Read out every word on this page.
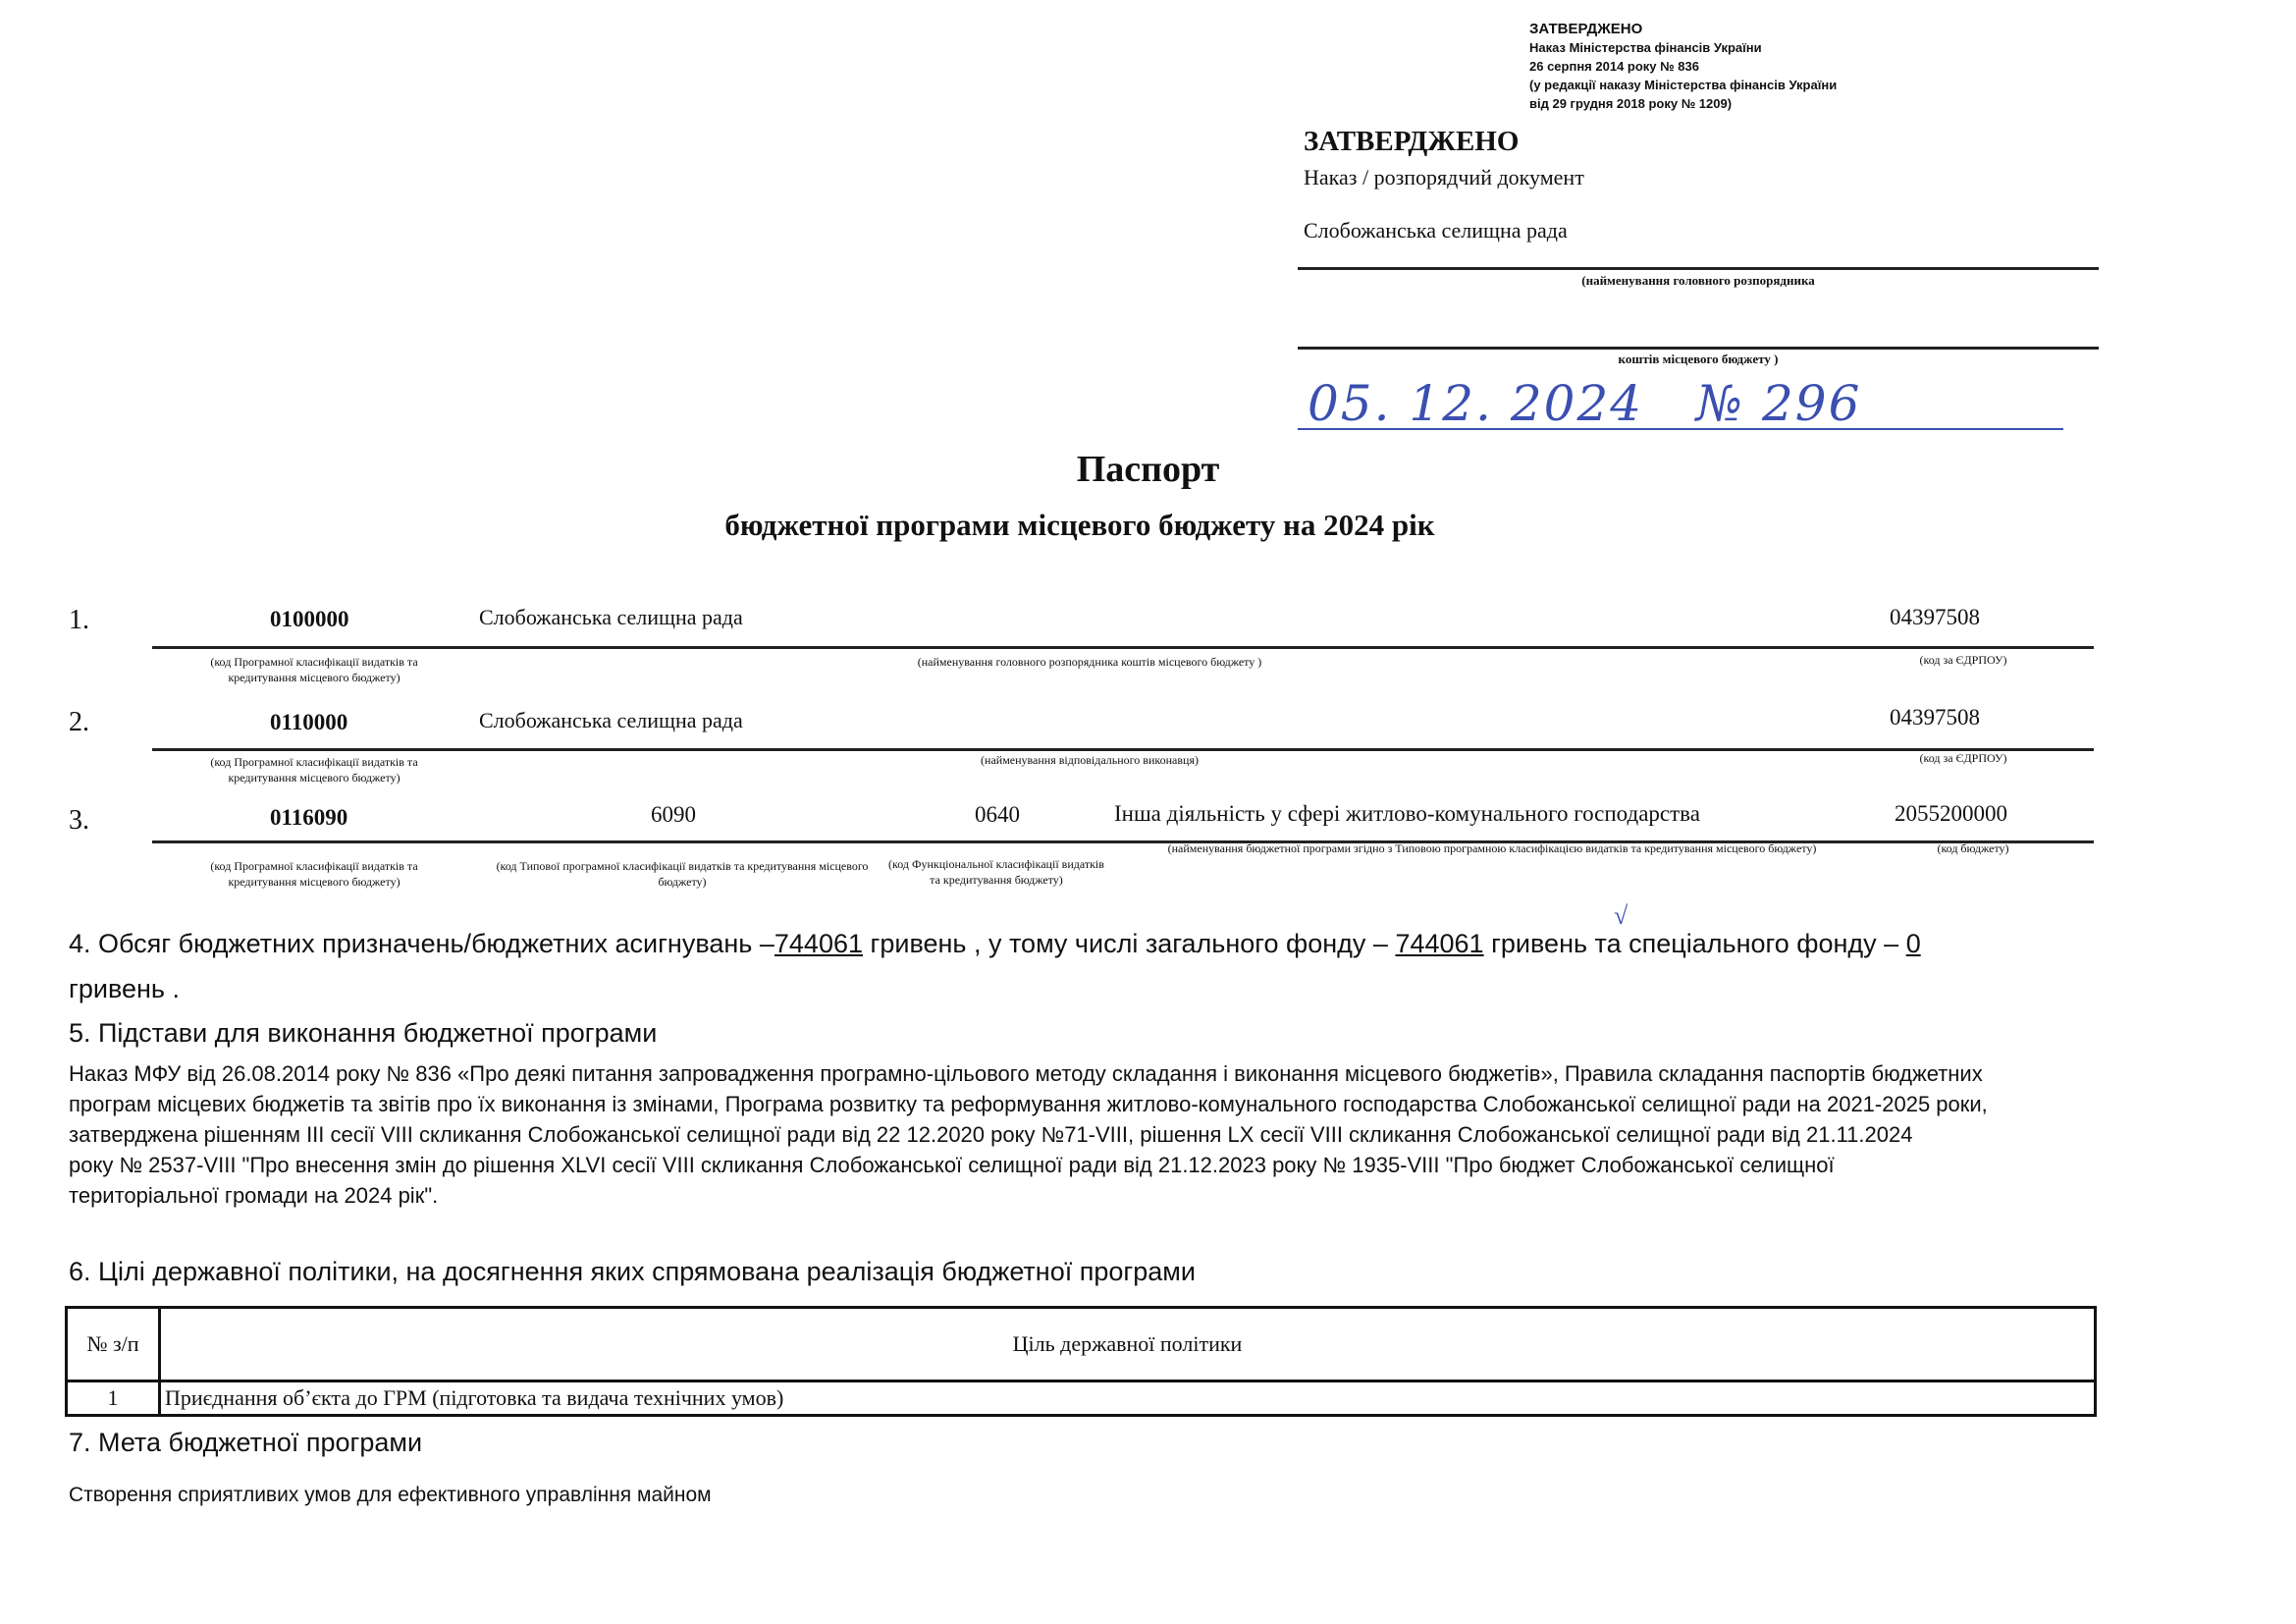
ЗАТВЕРДЖЕНО
Наказ Міністерства фінансів України
26 серпня 2014 року № 836
(у редакції наказу Міністерства фінансів України
від 29 грудня 2018 року № 1209)
ЗАТВЕРДЖЕНО
Наказ / розпорядчий документ
Слобожанська селищна рада
(найменування головного розпорядника
коштів місцевого бюджету )
05. 12. 2024   № 296
Паспорт
бюджетної програми місцевого бюджету на 2024 рік
1.	0100000	Слобожанська селищна рада	04397508
(код Програмної класифікації видатків та кредитування місцевого бюджету)
(найменування головного розпорядника коштів місцевого бюджету )	(код за ЄДРПОУ)
2.	0110000	Слобожанська селищна рада	04397508
(код Програмної класифікації видатків та кредитування місцевого бюджету)
(найменування відповідального виконавця)	(код за ЄДРПОУ)
3.	0116090	6090	0640	Інша діяльність у сфері житлово-комунального господарства	2055200000
(код Програмної класифікації видатків та кредитування місцевого бюджету)
(код Типової програмної класифікації видатків та кредитування місцевого бюджету)
(код Функціональної класифікації видатків та кредитування бюджету)
(найменування бюджетної програми згідно з Типовою програмною класифікацією видатків та кредитування місцевого бюджету)	(код бюджету)
4. Обсяг бюджетних призначень/бюджетних асигнувань –744061 гривень , у тому числі загального фонду – 744061 гривень та спеціального фонду – 0
гривень .
√
5. Підстави для виконання бюджетної програми
Наказ МФУ від 26.08.2014 року № 836 «Про деякі питання запровадження програмно-цільового методу складання і виконання місцевого бюджетів», Правила складання паспортів бюджетних
програм місцевих бюджетів та звітів про їх виконання із змінами, Програма розвитку та реформування житлово-комунального господарства Слобожанської селищної ради на 2021-2025 роки,
затверджена рішенням ІІІ сесії VIIІ скликання Слобожанської селищної ради від 22 12.2020 року №71-VIIІ, рішення LX сесії VIII скликання Слобожанської селищної ради від 21.11.2024
року № 2537-VIII "Про внесення змін до рішення XLVI сесії VIII скликання Слобожанської селищної ради від 21.12.2023 року № 1935-VIII "Про бюджет Слобожанської селищної
територіальної громади на 2024 рік".
6. Цілі державної політики, на досягнення яких спрямована реалізація бюджетної програми
№ з/п	Ціль державної політики
1	Приєднання об’єкта до ГРМ (підготовка та видача технічних умов)
7. Мета бюджетної програми
Створення сприятливих умов для ефективного управління майном
